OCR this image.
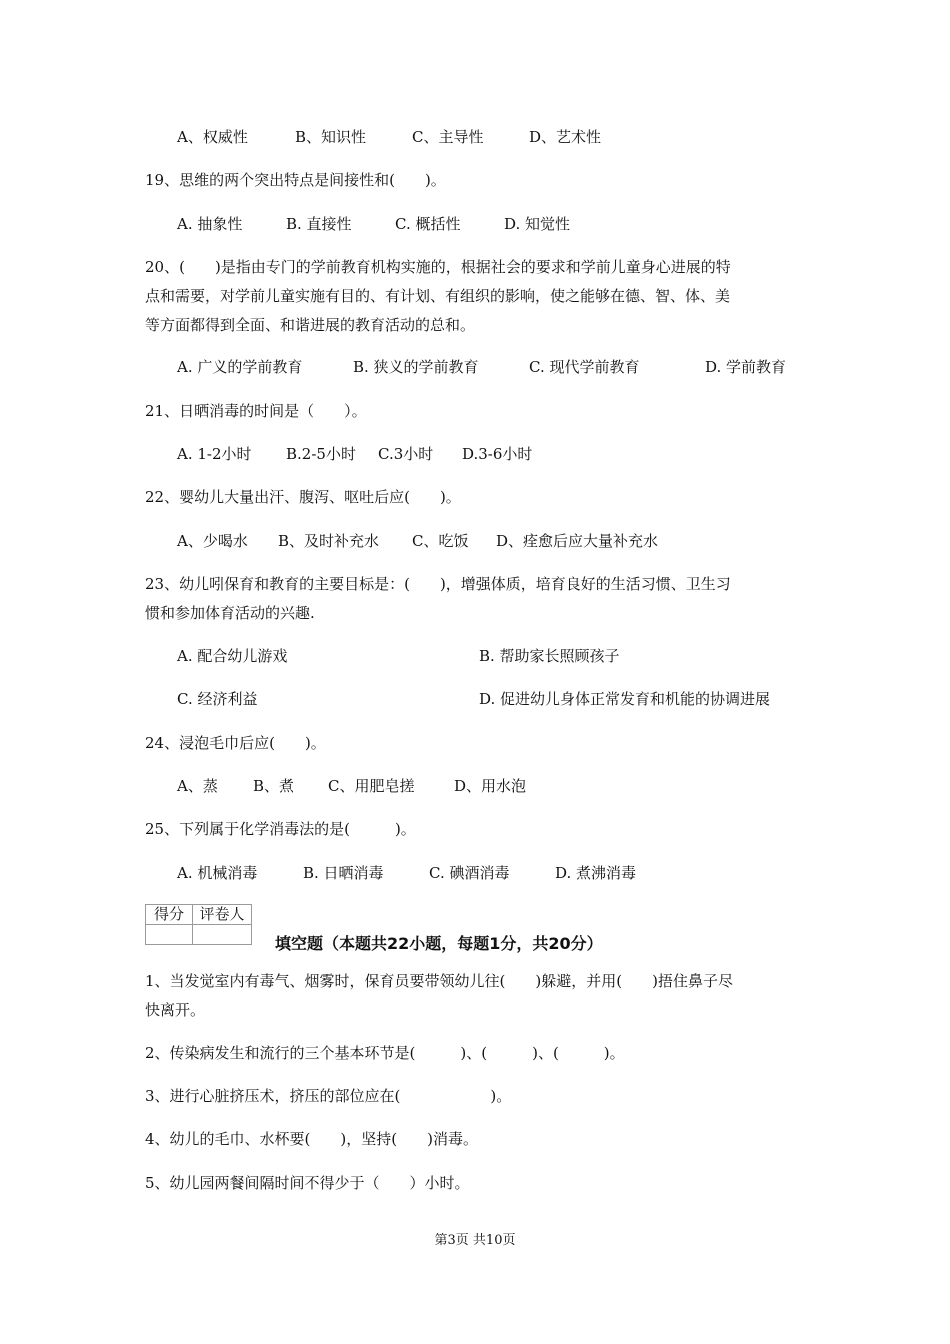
A、权威性	B、知识性	C、主导性	D、艺术性
19、思维的两个突出特点是间接性和(　　)。
A. 抽象性	B. 直接性	C. 概括性	D. 知觉性
20、(　　)是指由专门的学前教育机构实施的，根据社会的要求和学前儿童身心进展的特
点和需要，对学前儿童实施有目的、有计划、有组织的影响，使之能够在德、智、体、美
等方面都得到全面、和谐进展的教育活动的总和。
A. 广义的学前教育	B. 狭义的学前教育	C. 现代学前教育	D. 学前教育
21、日晒消毒的时间是（　　）。
A. 1-2小时 B.2-5小时 C.3小时 D.3-6小时
22、婴幼儿大量出汗、腹泻、呕吐后应(　　)。
A、少喝水 B、及时补充水 C、吃饭 D、痊愈后应大量补充水
23、幼儿吲保育和教育的主要目标是：(　　)，增强体质，培育良好的生活习惯、卫生习
惯和参加体育活动的兴趣.
A. 配合幼儿游戏	B. 帮助家长照顾孩子
C. 经济利益	D. 促进幼儿身体正常发育和机能的协调进展
24、浸泡毛巾后应(　　)。
A、蒸 B、煮 C、用肥皂搓	D、用水泡
25、下列属于化学消毒法的是(　　　)。
A. 机械消毒	B. 日晒消毒	C. 碘酒消毒	D. 煮沸消毒
得分	评卷人

填空题（本题共22小题，每题1分，共20分）
1、当发觉室内有毒气、烟雾时，保育员要带领幼儿往(　　)躲避，并用(　　)捂住鼻子尽
快离开。
2、传染病发生和流行的三个基本环节是(　　　)、(　　　)、(　　　)。
3、进行心脏挤压术，挤压的部位应在(　　　　　　)。
4、幼儿的毛巾、水杯要(　　)，坚持(　　)消毒。
5、幼儿园两餐间隔时间不得少于（　　）小时。
第3页 共10页
